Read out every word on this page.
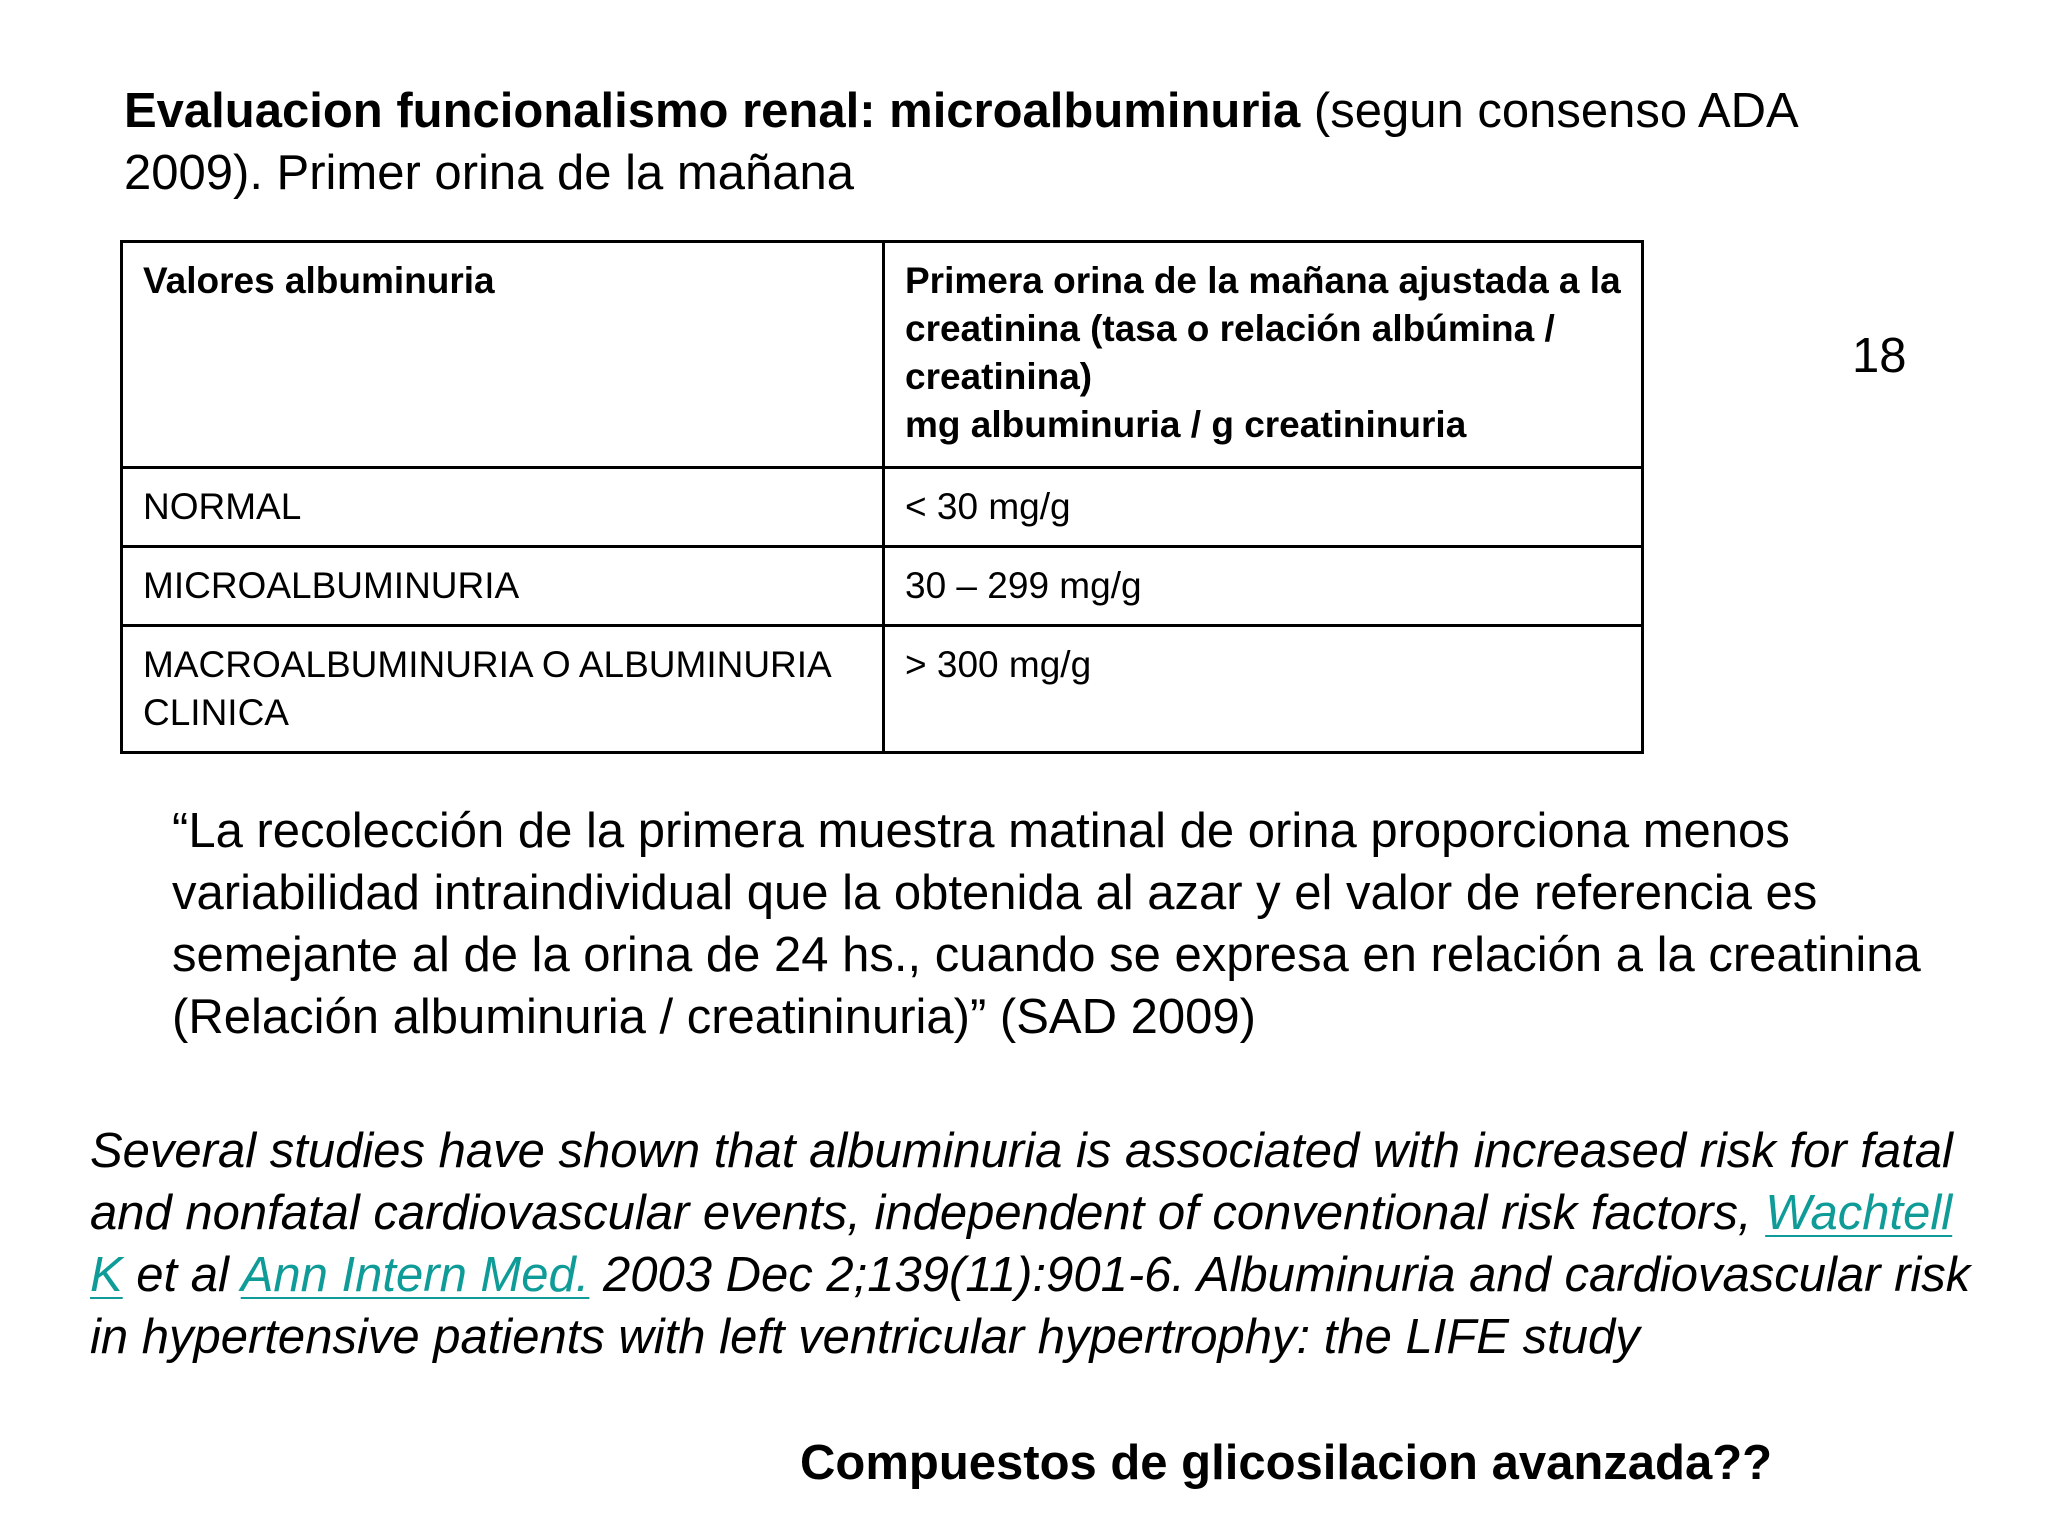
Evaluacion funcionalismo renal: microalbuminuria (segun consenso ADA 2009). Primer orina de la mañana
18
Valores albuminuria	Primera orina de la mañana ajustada a la creatinina (tasa o relación albúmina / creatinina)
mg albuminuria / g creatininuria
NORMAL	< 30 mg/g
MICROALBUMINURIA	30 – 299 mg/g
MACROALBUMINURIA O ALBUMINURIA CLINICA	> 300 mg/g
“La recolección de la primera muestra matinal de orina proporciona menos variabilidad intraindividual que la obtenida al azar y el valor de referencia es semejante al de la orina de 24 hs., cuando se expresa en relación a la creatinina (Relación albuminuria / creatininuria)” (SAD 2009)
Several studies have shown that albuminuria is associated with increased risk for fatal and nonfatal cardiovascular events, independent of conventional risk factors, Wachtell K et al Ann Intern Med. 2003 Dec 2;139(11):901-6. Albuminuria and cardiovascular risk in hypertensive patients with left ventricular hypertrophy: the LIFE study
Compuestos de glicosilacion avanzada??
